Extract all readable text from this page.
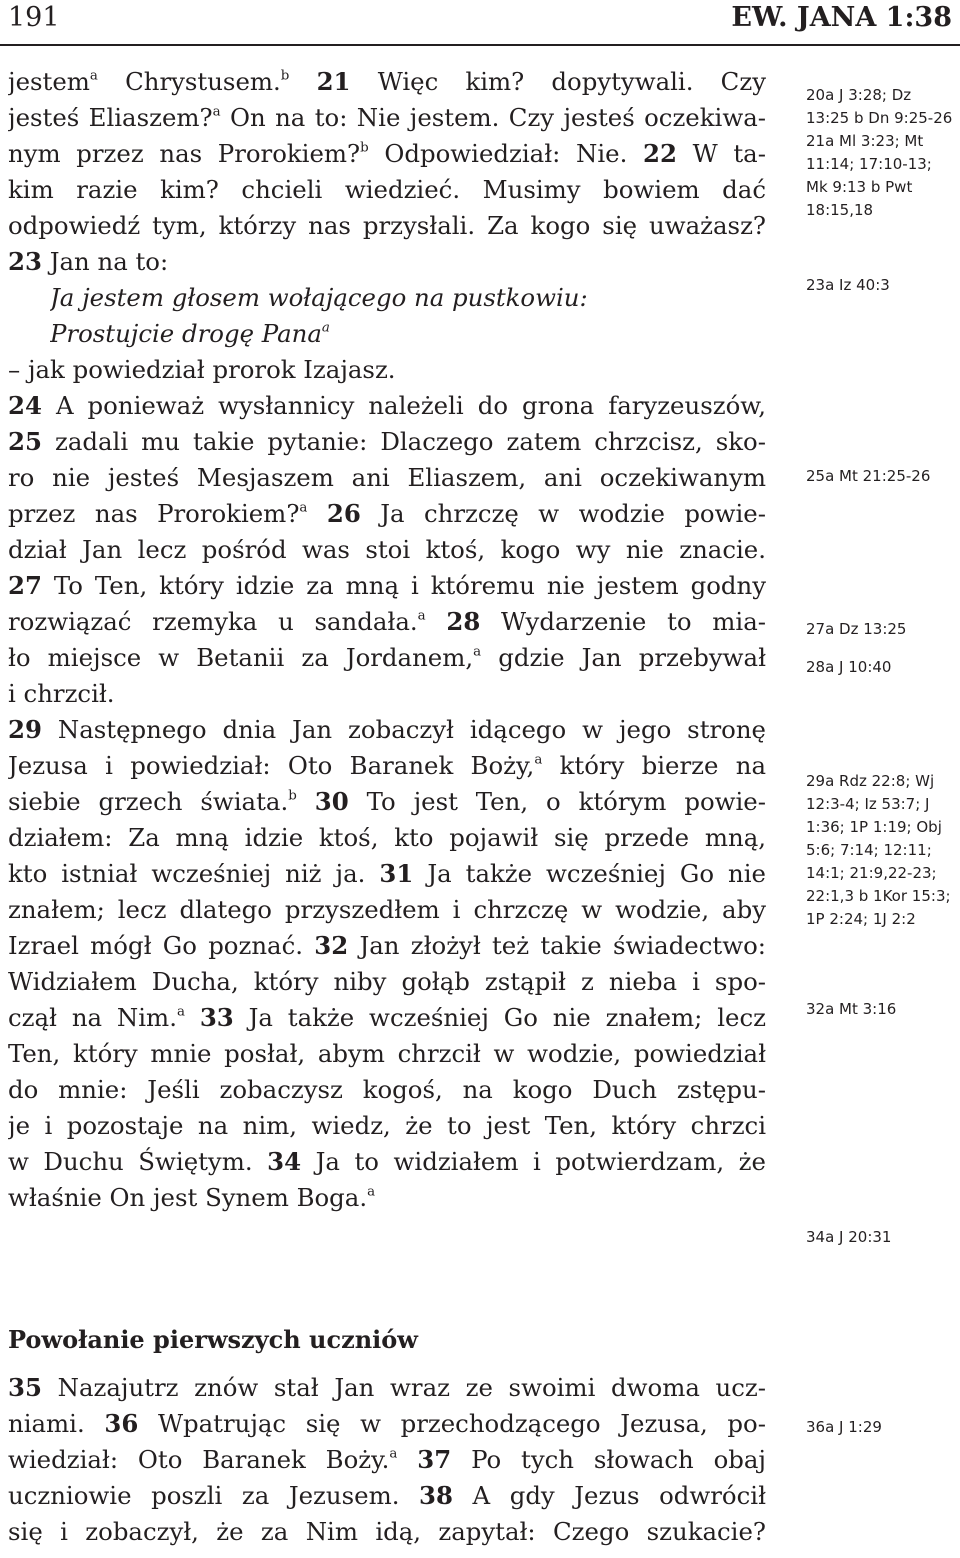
191	EW. JANA 1:38
jestem$^a$ Chrystusem.$^b$ 21 Więc kim? dopytywali. Czy
jesteś Eliaszem?$^a$ On na to: Nie jestem. Czy jesteś oczekiwa-
nym przez nas Prorokiem?$^b$ Odpowiedział: Nie. 22 W ta-
kim razie kim? chcieli wiedzieć. Musimy bowiem dać
odpowiedź tym, którzy nas przysłali. Za kogo się uważasz?
23 Jan na to:
Ja jestem głosem wołającego na pustkowiu:
Prostujcie drogę Pana$^a$
– jak powiedział prorok Izajasz.
24 A ponieważ wysłannicy należeli do grona faryzeuszów,
25 zadali mu takie pytanie: Dlaczego zatem chrzcisz, sko-
ro nie jesteś Mesjaszem ani Eliaszem, ani oczekiwanym
przez nas Prorokiem?$^a$ 26 Ja chrzczę w wodzie powie-
dział Jan lecz pośród was stoi ktoś, kogo wy nie znacie.
27 To Ten, który idzie za mną i któremu nie jestem godny
rozwiązać rzemyka u sandała.$^a$ 28 Wydarzenie to mia-
ło miejsce w Betanii za Jordanem,$^a$ gdzie Jan przebywał
i chrzcił.
29 Następnego dnia Jan zobaczył idącego w jego stronę
Jezusa i powiedział: Oto Baranek Boży,$^a$ który bierze na
siebie grzech świata.$^b$ 30 To jest Ten, o którym powie-
działem: Za mną idzie ktoś, kto pojawił się przede mną,
kto istniał wcześniej niż ja. 31 Ja także wcześniej Go nie
znałem; lecz dlatego przyszedłem i chrzczę w wodzie, aby
Izrael mógł Go poznać. 32 Jan złożył też takie świadectwo:
Widziałem Ducha, który niby gołąb zstąpił z nieba i spo-
czął na Nim.$^a$ 33 Ja także wcześniej Go nie znałem; lecz
Ten, który mnie posłał, abym chrzcił w wodzie, powiedział
do mnie: Jeśli zobaczysz kogoś, na kogo Duch zstępu-
je i pozostaje na nim, wiedz, że to jest Ten, który chrzci
w Duchu Świętym. 34 Ja to widziałem i potwierdzam, że
właśnie On jest Synem Boga.$^a$
Powołanie pierwszych uczniów
35 Nazajutrz znów stał Jan wraz ze swoimi dwoma ucz-
niami. 36 Wpatrując się w przechodzącego Jezusa, po-
wiedział: Oto Baranek Boży.$^a$ 37 Po tych słowach obaj
uczniowie poszli za Jezusem. 38 A gdy Jezus odwrócił
się i zobaczył, że za Nim idą, zapytał: Czego szukacie?
20a J 3:28; Dz 13:25 b Dn 9:25-26
21a Ml 3:23; Mt 11:14; 17:10-13; Mk 9:13 b Pwt 18:15,18
23a Iz 40:3
25a Mt 21:25-26
27a Dz 13:25
28a J 10:40
29a Rdz 22:8; Wj 12:3-4; Iz 53:7; J 1:36; 1P 1:19; Obj 5:6; 7:14; 12:11; 14:1; 21:9,22-23; 22:1,3 b 1Kor 15:3; 1P 2:24; 1J 2:2
32a Mt 3:16
34a J 20:31
36a J 1:29
